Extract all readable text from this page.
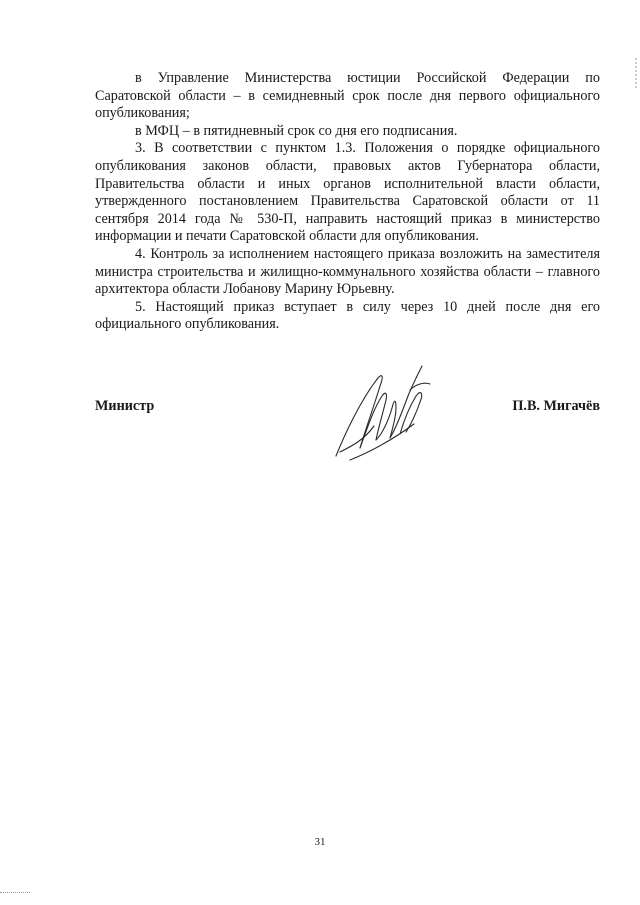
в Управление Министерства юстиции Российской Федерации по Саратовской области – в семидневный срок после дня первого официального опубликования;

в МФЦ – в пятидневный срок со дня его подписания.

3. В соответствии с пунктом 1.3. Положения о порядке официального опубликования законов области, правовых актов Губернатора области, Правительства области и иных органов исполнительной власти области, утвержденного постановлением Правительства Саратовской области от 11 сентября 2014 года № 530-П, направить настоящий приказ в министерство информации и печати Саратовской области для опубликования.

4. Контроль за исполнением настоящего приказа возложить на заместителя министра строительства и жилищно-коммунального хозяйства области – главного архитектора области Лобанову Марину Юрьевну.

5. Настоящий приказ вступает в силу через 10 дней после дня его официального опубликования.

Министр	П.В. Мигачёв
31
